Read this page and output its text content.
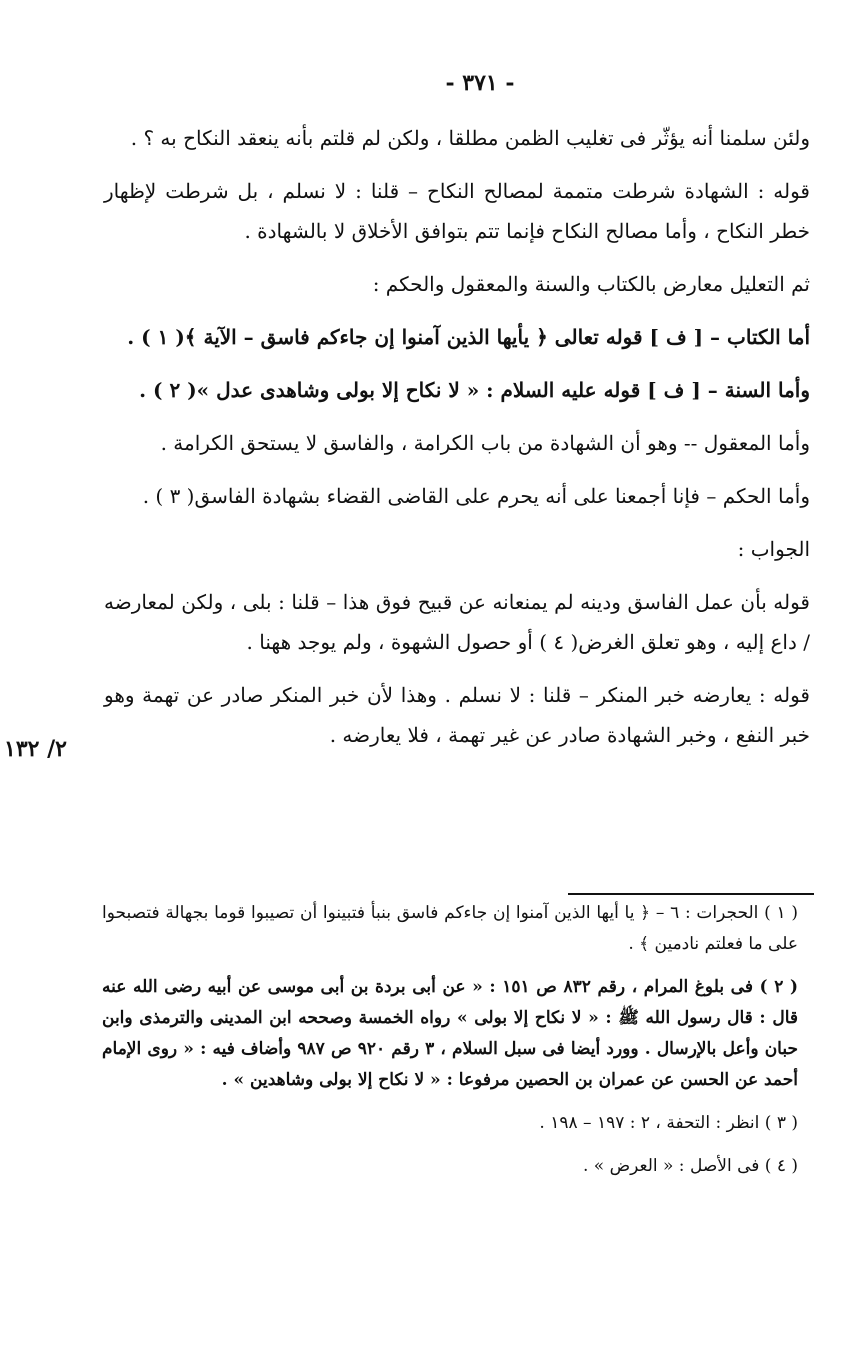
- ٣٧١ -
٢/ ١٣٢

ولئن سلمنا أنه يؤثّر فى تغليب الظمن مطلقا ، ولكن لم قلتم بأنه ينعقد النكاح به ؟ .

قوله : الشهادة شرطت متممة لمصالح النكاح – قلنا : لا نسلم ، بل شرطت لإظهار خطر النكاح ، وأما مصالح النكاح فإنما تتم بتوافق الأخلاق لا بالشهادة .

ثم التعليل معارض بالكتاب والسنة والمعقول والحكم :

أما الكتاب – [ ف ] قوله تعالى ﴿ يأيها الذين آمنوا إن جاءكم فاسق – الآية ﴾( ١ ) .

وأما السنة – [ ف ] قوله عليه السلام : « لا نكاح إلا بولى وشاهدى عدل »( ٢ ) .

وأما المعقول -- وهو أن الشهادة من باب الكرامة ، والفاسق لا يستحق الكرامة .

وأما الحكم – فإنا أجمعنا على أنه يحرم على القاضى القضاء بشهادة الفاسق( ٣ ) .

الجواب :

قوله بأن عمل الفاسق ودينه لم يمنعانه عن قبيح فوق هذا – قلنا : بلى ، ولكن لمعارضه / داع إليه ، وهو تعلق الغرض( ٤ ) أو حصول الشهوة ، ولم يوجد ههنا .

قوله : يعارضه خبر المنكر – قلنا : لا نسلم . وهذا لأن خبر المنكر صادر عن تهمة وهو خبر النفع ، وخبر الشهادة صادر عن غير تهمة ، فلا يعارضه .

( ١ ) الحجرات : ٦ – ﴿ يا أيها الذين آمنوا إن جاءكم فاسق بنبأ فتبينوا أن تصيبوا قوما بجهالة فتصبحوا على ما فعلتم نادمين ﴾ .

( ٢ ) فى بلوغ المرام ، رقم ٨٣٢ ص ١٥١ : « عن أبى بردة بن أبى موسى عن أبيه رضى الله عنه قال : قال رسول الله ﷺ : « لا نكاح إلا بولى » رواه الخمسة وصححه ابن المدينى والترمذى وابن حبان وأعل بالإرسال . وورد أيضا فى سبل السلام ، ٣ رقم ٩٢٠ ص ٩٨٧ وأضاف فيه : « روى الإمام أحمد عن الحسن عن عمران بن الحصين مرفوعا : « لا نكاح إلا بولى وشاهدين » .

( ٣ ) انظر : التحفة ، ٢ : ١٩٧ – ١٩٨ .

( ٤ ) فى الأصل : « العرض » .
